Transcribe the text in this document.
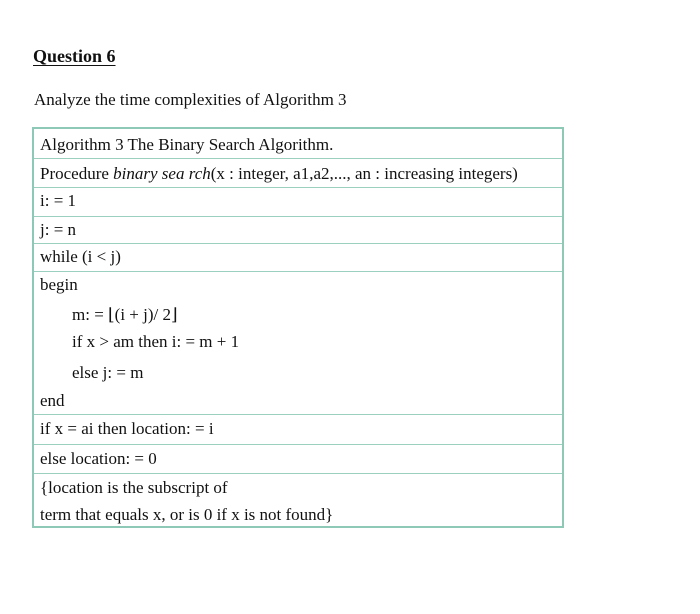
Question 6
Analyze the time complexities of Algorithm 3
Algorithm 3 The Binary Search Algorithm.
Procedure binary sea rch(x : integer, a1,a2,..., an : increasing integers)
i: = 1
j: = n
while (i < j)
begin
m: = ⌊(i + j)/ 2⌋
if x > am then i: = m + 1
else j: = m
end
if x = ai then location: = i
else location: = 0
{location is the subscript of
term that equals x, or is 0 if x is not found}
